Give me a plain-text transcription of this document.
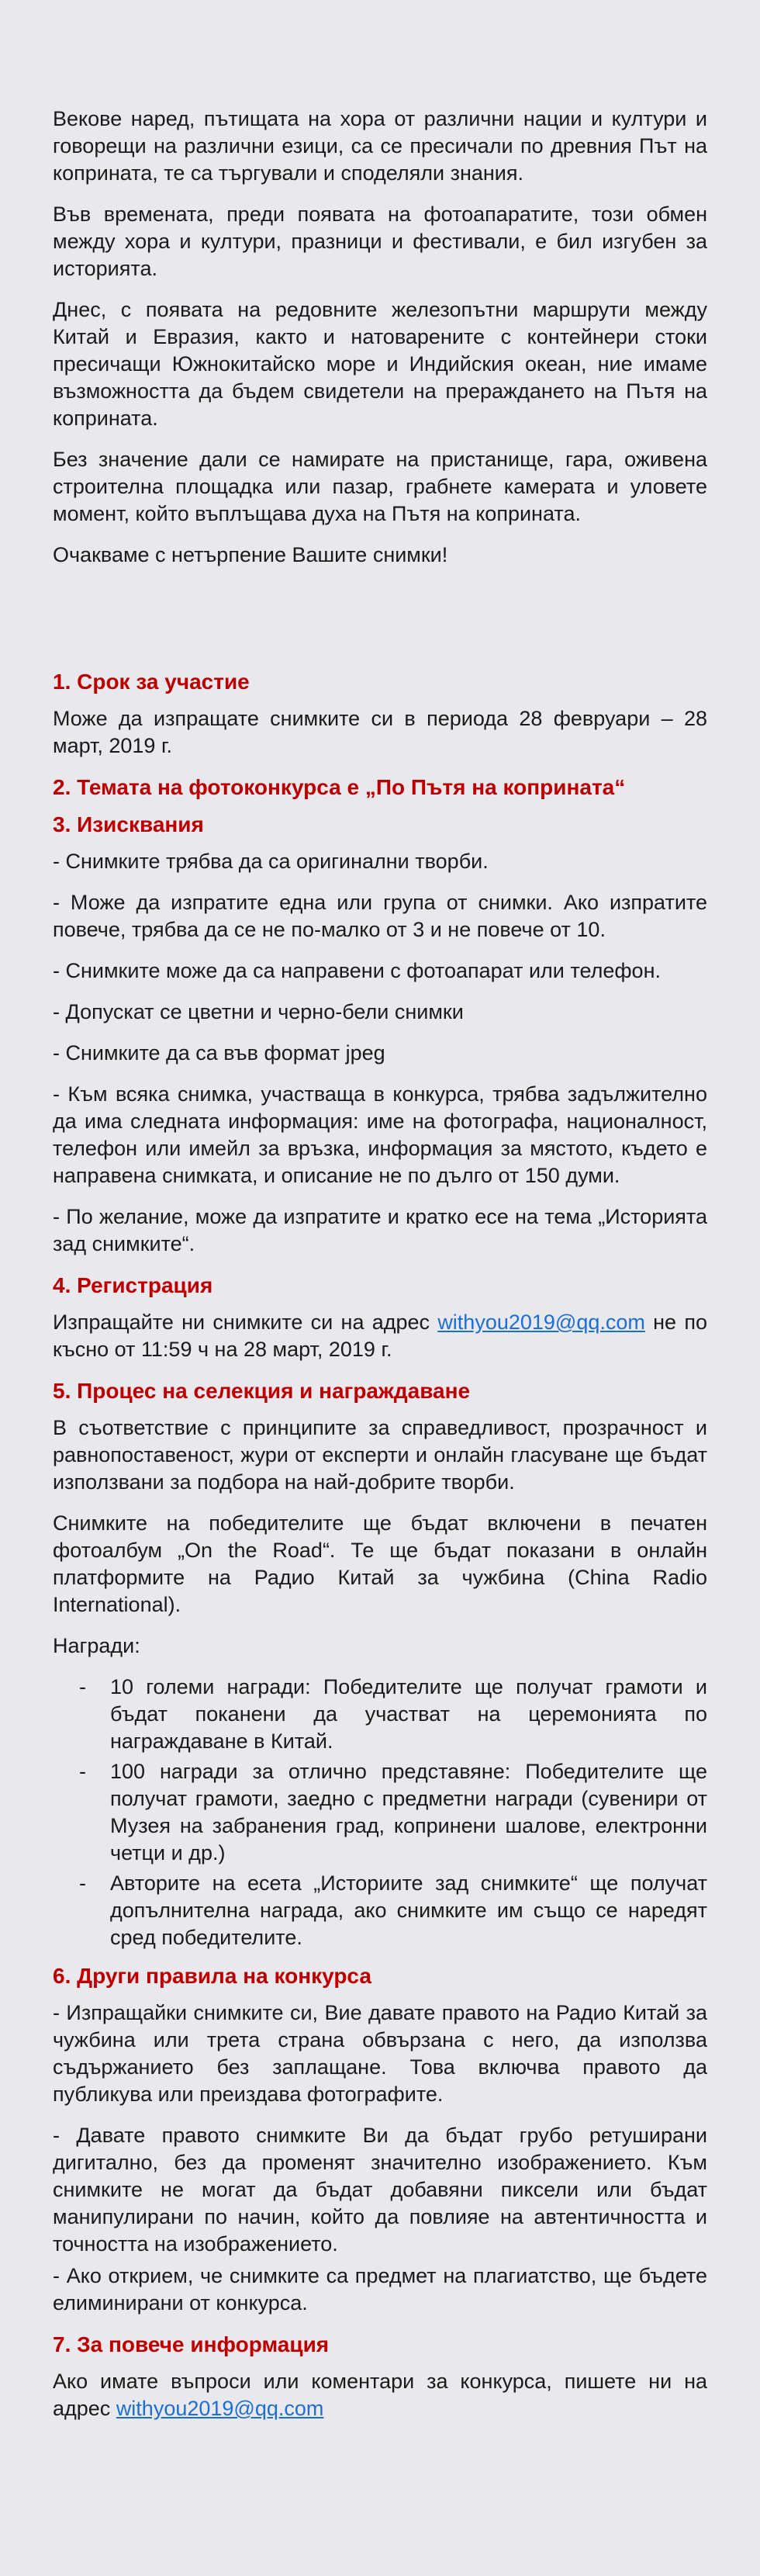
Векове наред, пътищата на хора от различни нации и култури и говорещи на различни езици, са се пресичали по древния Път на коприната, те са търгували и споделяли знания.

Във времената, преди появата на фотоапаратите, този обмен между хора и култури, празници и фестивали, е бил изгубен за историята.

Днес, с появата на редовните железопътни маршрути между Китай и Евразия, както и натоварените с контейнери стоки пресичащи Южнокитайско море и Индийския океан, ние имаме възможността да бъдем свидетели на прераждането на Пътя на коприната.

Без значение дали се намирате на пристанище, гара, оживена строителна площадка или пазар, грабнете камерата и уловете момент, който въплъщава духа на Пътя на коприната.

Очакваме с нетърпение Вашите снимки!

1. Срок за участие

Може да изпращате снимките си в периода 28 февруари – 28 март, 2019 г.

2. Темата на фотоконкурса е „По Пътя на коприната“
3. Изисквания

- Снимките трябва да са оригинални творби.

- Може да изпратите една или група от снимки. Ако изпратите повече, трябва да се не по-малко от 3 и не повече от 10.

- Снимките може да са направени с фотоапарат или телефон.

- Допускат се цветни и черно-бели снимки

- Снимките да са във формат jpeg

- Към всяка снимка, участваща в конкурса, трябва задължително да има следната информация: име на фотографа, националност, телефон или имейл за връзка, информация за мястото, където е направена снимката, и описание не по дълго от 150 думи.

- По желание, може да изпратите и кратко есе на тема „Историята зад снимките“.

4. Регистрация

Изпращайте ни снимките си на адрес withyou2019@qq.com не по късно от 11:59 ч на 28 март, 2019 г.

5. Процес на селекция и награждаване

В съответствие с принципите за справедливост, прозрачност и равнопоставеност, жури от експерти и онлайн гласуване ще бъдат използвани за подбора на най-добрите творби.

Снимките на победителите ще бъдат включени в печатен фотоалбум „On the Road“. Те ще бъдат показани в онлайн платформите на Радио Китай за чужбина (China Radio International).

Награди:

- 10 големи награди: Победителите ще получат грамоти и бъдат поканени да участват на церемонията по награждаване в Китай.
- 100 награди за отлично представяне: Победителите ще получат грамоти, заедно с предметни награди (сувенири от Музея на забранения град, копринени шалове, електронни четци и др.)
- Авторите на есета „Историите зад снимките“ ще получат допълнителна награда, ако снимките им също се наредят сред победителите.
6. Други правила на конкурса

- Изпращайки снимките си, Вие давате правото на Радио Китай за чужбина или трета страна обвързана с него, да използва съдържанието без заплащане. Това включва правото да публикува или преиздава фотографите.

- Давате правото снимките Ви да бъдат грубо ретуширани дигитално, без да променят значително изображението. Към снимките не могат да бъдат добавяни пиксели или бъдат манипулирани по начин, който да повлияе на автентичността и точността на изображението.

- Ако открием, че снимките са предмет на плагиатство, ще бъдете елиминирани от конкурса.

7. За повече информация

Ако имате въпроси или коментари за конкурса, пишете ни на адрес withyou2019@qq.com
